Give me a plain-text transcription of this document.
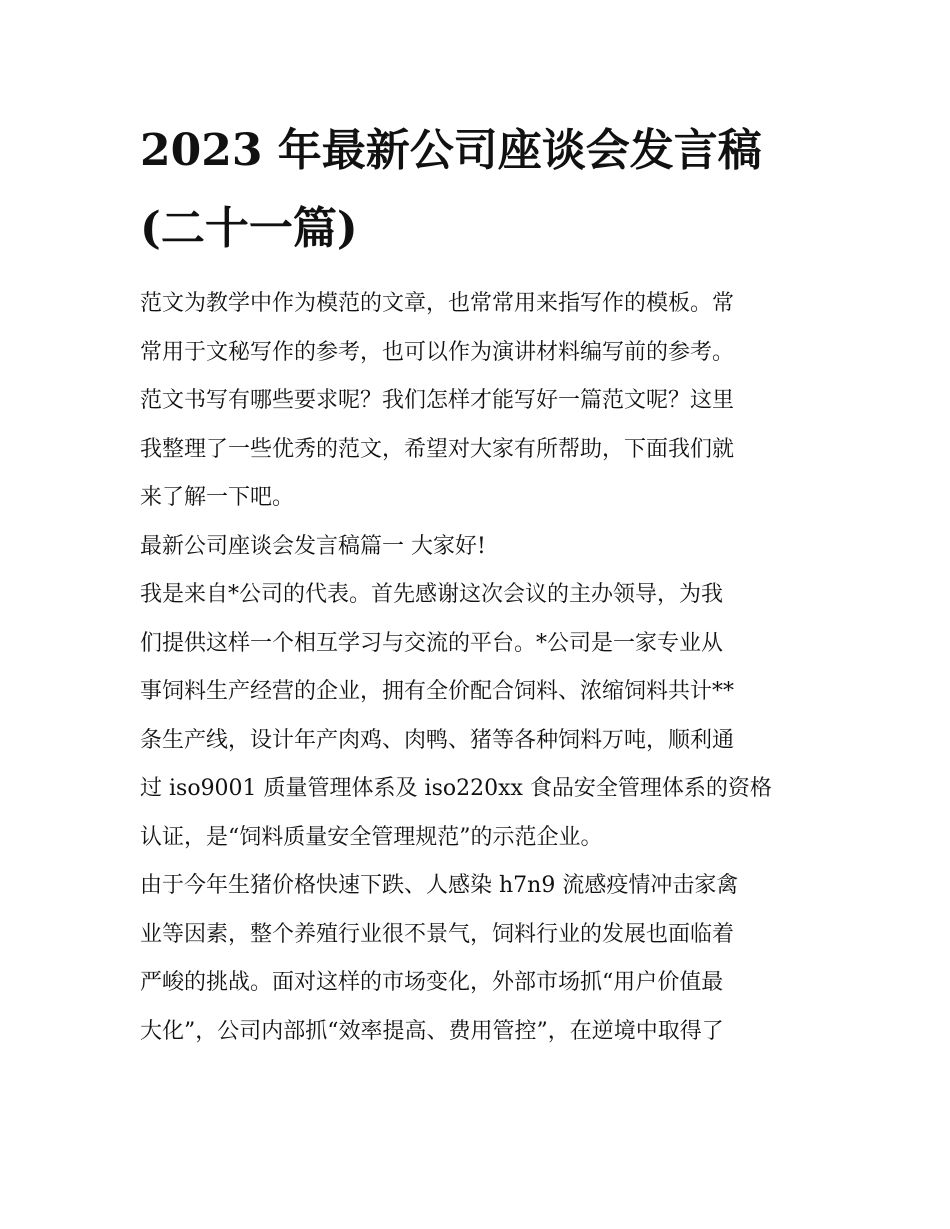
2023 年最新公司座谈会发言稿
(二十一篇)

范文为教学中作为模范的文章，也常常用来指写作的模板。常
常用于文秘写作的参考，也可以作为演讲材料编写前的参考。
范文书写有哪些要求呢？我们怎样才能写好一篇范文呢？这里
我整理了一些优秀的范文，希望对大家有所帮助，下面我们就
来了解一下吧。

最新公司座谈会发言稿篇一 大家好!

我是来自*公司的代表。首先感谢这次会议的主办领导，为我
们提供这样一个相互学习与交流的平台。*公司是一家专业从
事饲料生产经营的企业，拥有全价配合饲料、浓缩饲料共计**
条生产线，设计年产肉鸡、肉鸭、猪等各种饲料万吨，顺利通
过 iso9001 质量管理体系及 iso220xx 食品安全管理体系的资格
认证，是“饲料质量安全管理规范”的示范企业。

由于今年生猪价格快速下跌、人感染 h7n9 流感疫情冲击家禽
业等因素，整个养殖行业很不景气，饲料行业的发展也面临着
严峻的挑战。面对这样的市场变化，外部市场抓“用户价值最
大化”，公司内部抓“效率提高、费用管控”，在逆境中取得了
